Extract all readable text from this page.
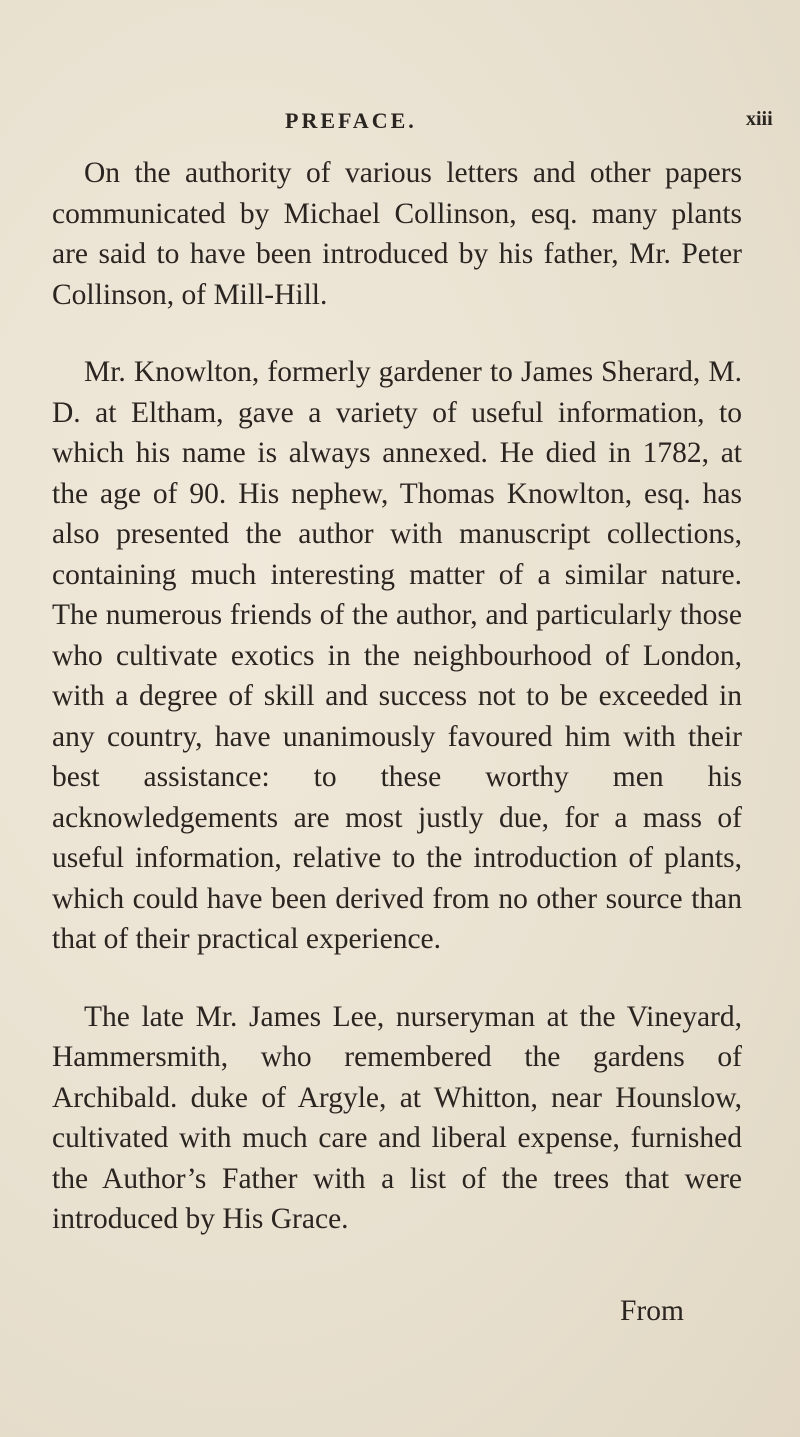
PREFACE.	xiii

On the authority of various letters and other papers communicated by Michael Collinson, esq. many plants are said to have been introduced by his father, Mr. Peter Collinson, of Mill-Hill.

Mr. Knowlton, formerly gardener to James Sherard, M. D. at Eltham, gave a variety of useful information, to which his name is always annexed. He died in 1782, at the age of 90. His nephew, Thomas Knowlton, esq. has also presented the author with manuscript collections, containing much interesting matter of a similar nature. The numerous friends of the author, and particularly those who cultivate exotics in the neighbourhood of London, with a degree of skill and success not to be exceeded in any country, have unanimously favoured him with their best assistance: to these worthy men his acknowledgements are most justly due, for a mass of useful information, relative to the introduction of plants, which could have been derived from no other source than that of their practical experience.

The late Mr. James Lee, nurseryman at the Vineyard, Hammersmith, who remembered the gardens of Archibald. duke of Argyle, at Whitton, near Hounslow, cultivated with much care and liberal expense, furnished the Author’s Father with a list of the trees that were introduced by His Grace.

From
